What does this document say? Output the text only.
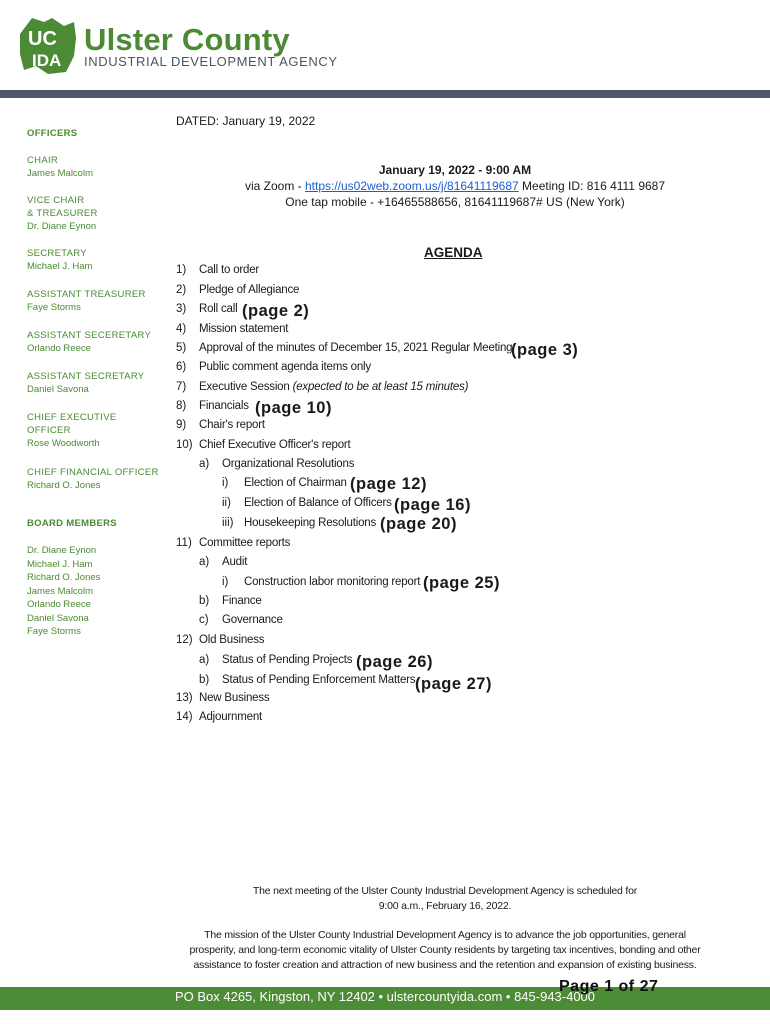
UC
IDA
Ulster County
INDUSTRIAL DEVELOPMENT AGENCY
OFFICERS
CHAIR
James Malcolm
VICE CHAIR
& TREASURER
Dr. Diane Eynon
SECRETARY
Michael J. Ham
ASSISTANT TREASURER
Faye Storms
ASSISTANT SECERETARY
Orlando Reece
ASSISTANT SECRETARY
Daniel Savona
CHIEF EXECUTIVE OFFICER
Rose Woodworth
CHIEF FINANCIAL OFFICER
Richard O. Jones
BOARD MEMBERS
Dr. Diane Eynon
Michael J. Ham
Richard O. Jones
James Malcolm
Orlando Reece
Daniel Savona
Faye Storms
DATED: January 19, 2022
January 19, 2022 - 9:00 AM
via Zoom - https://us02web.zoom.us/j/81641119687 Meeting ID: 816 4111 9687
One tap mobile - +16465588656, 81641119687# US (New York)
AGENDA
1) Call to order
2) Pledge of Allegiance
3) Roll call (page 2)
4) Mission statement
5) Approval of the minutes of December 15, 2021 Regular Meeting
(page 3)
6) Public comment agenda items only
7) Executive Session (expected to be at least 15 minutes)
8) Financials (page 10)
9) Chair's report
10) Chief Executive Officer's report
a) Organizational Resolutions
i) Election of Chairman (page 12)
ii) Election of Balance of Officers (page 16)
iii) Housekeeping Resolutions (page 20)
11) Committee reports
a) Audit
i) Construction labor monitoring report (page 25)
b) Finance
c) Governance
12) Old Business
a) Status of Pending Projects (page 26)
b) Status of Pending Enforcement Matters (page 27)
13) New Business
14) Adjournment
The next meeting of the Ulster County Industrial Development Agency is scheduled for
9:00 a.m., February 16, 2022.
The mission of the Ulster County Industrial Development Agency is to advance the job opportunities, general
prosperity, and long-term economic vitality of Ulster County residents by targeting tax incentives, bonding and other
assistance to foster creation and attraction of new business and the retention and expansion of existing business.
PO Box 4265, Kingston, NY 12402 • ulstercountyida.com • 845-943-4000
Page 1 of 27
